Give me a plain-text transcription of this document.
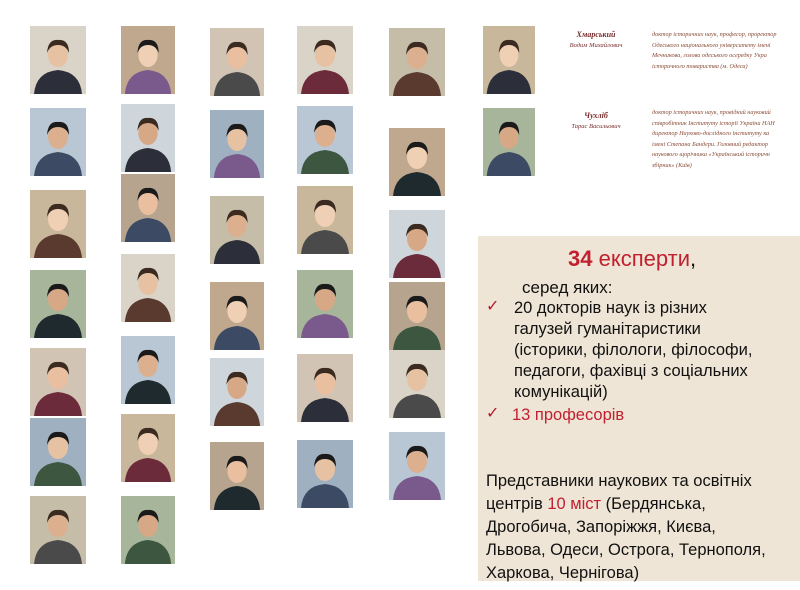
Хмарський
Водим Михайлович
доктор історичних наук, професор, проректор
Одеського національного університету імені
Мечникова, голова одеського осередку Укра
історичного товариства (м. Одеса)
Чухліб
Тарас Васильович
доктор історичних наук, провідний науковий
співробітник Інституту історії України НАН
директор Науково-дослідного інституту ка
імені Степана Бандери. Головний редактор
наукового щорічника «Український історичн
збірник» (Київ)
34 експерти,
серед яких:
✓ 20 докторів наук із різних
галузей гуманітаристики
(історики, філологи, філософи,
педагоги, фахівці з соціальних
комунікацій)
✓ 13 професорів
Представники наукових та освітніх
центрів 10 міст (Бердянська,
Дрогобича, Запоріжжя, Києва,
Львова, Одеси, Острога, Тернополя,
Харкова, Чернігова)
